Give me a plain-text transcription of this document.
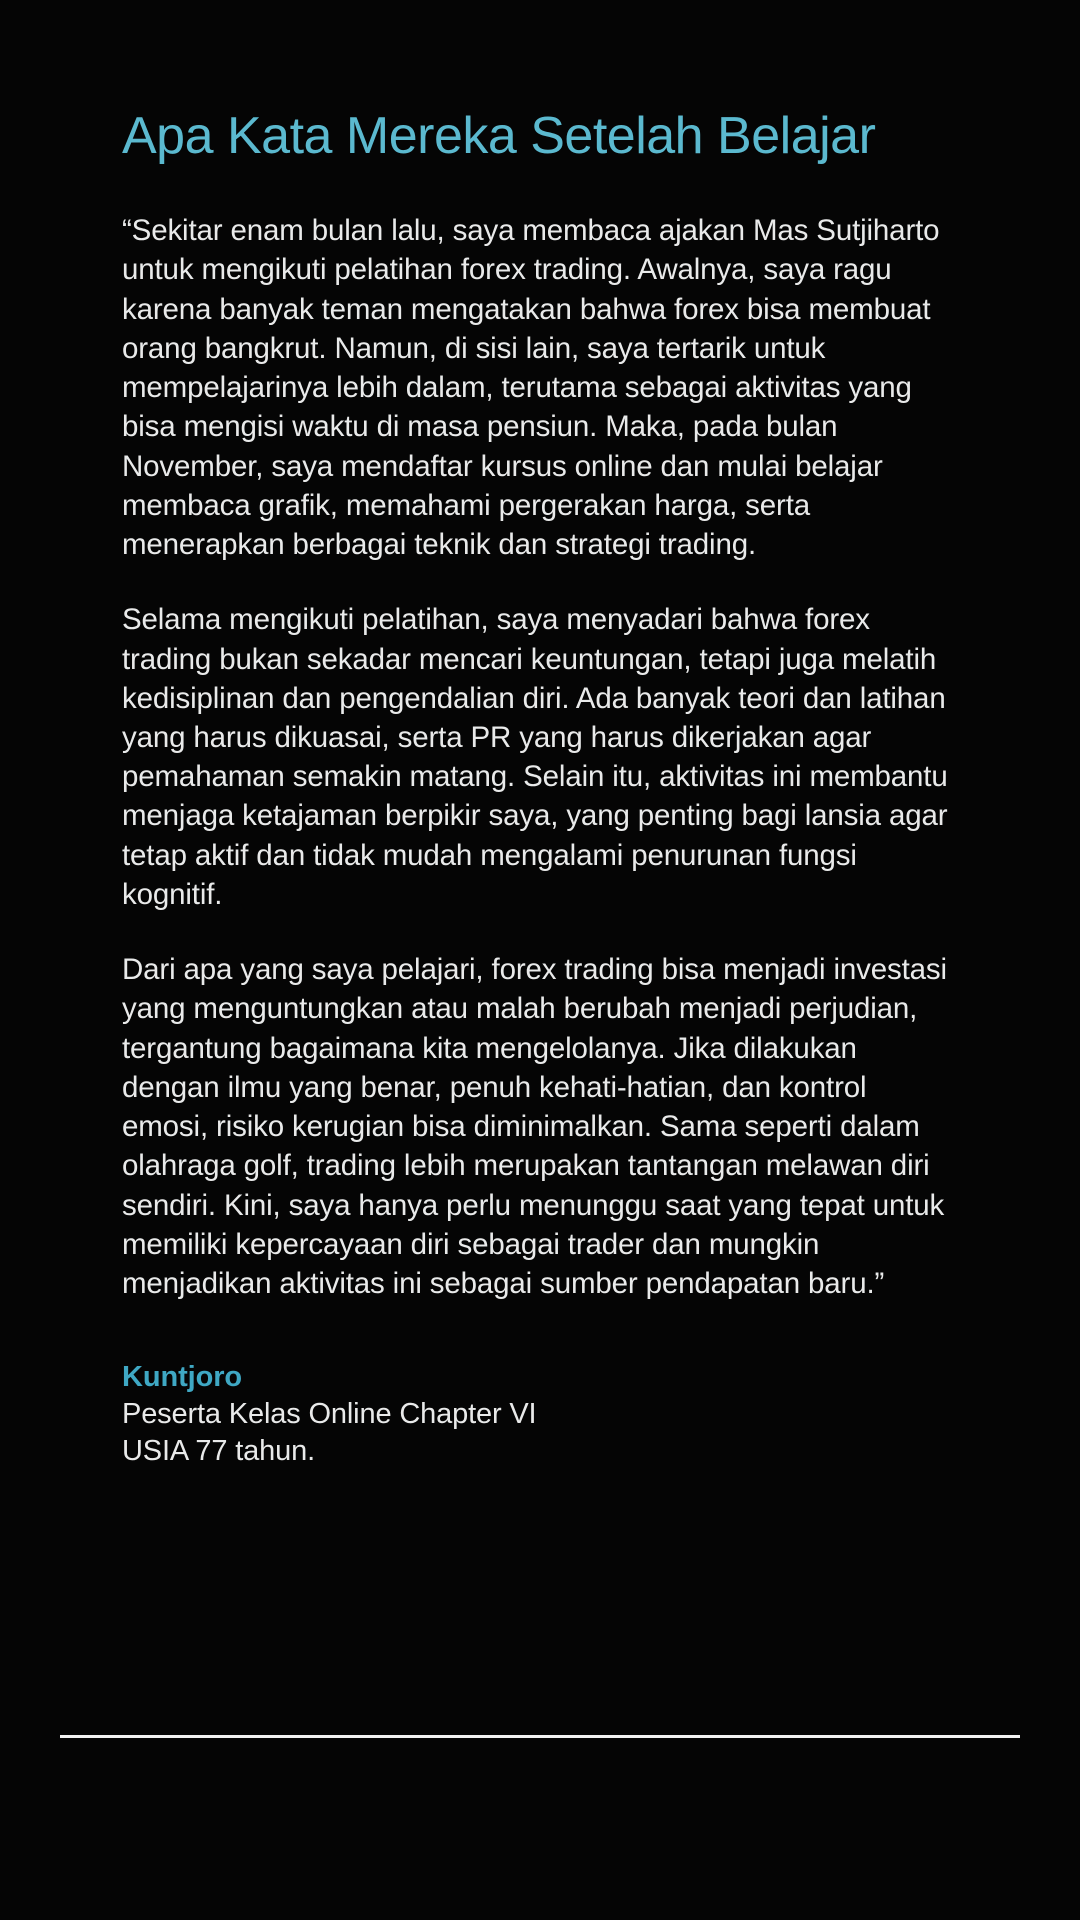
Apa Kata Mereka Setelah Belajar

“Sekitar enam bulan lalu, saya membaca ajakan Mas Sutjiharto untuk mengikuti pelatihan forex trading. Awalnya, saya ragu karena banyak teman mengatakan bahwa forex bisa membuat orang bangkrut. Namun, di sisi lain, saya tertarik untuk mempelajarinya lebih dalam, terutama sebagai aktivitas yang bisa mengisi waktu di masa pensiun. Maka, pada bulan November, saya mendaftar kursus online dan mulai belajar membaca grafik, memahami pergerakan harga, serta menerapkan berbagai teknik dan strategi trading.

Selama mengikuti pelatihan, saya menyadari bahwa forex trading bukan sekadar mencari keuntungan, tetapi juga melatih kedisiplinan dan pengendalian diri. Ada banyak teori dan latihan yang harus dikuasai, serta PR yang harus dikerjakan agar pemahaman semakin matang. Selain itu, aktivitas ini membantu menjaga ketajaman berpikir saya, yang penting bagi lansia agar tetap aktif dan tidak mudah mengalami penurunan fungsi kognitif.

Dari apa yang saya pelajari, forex trading bisa menjadi investasi yang menguntungkan atau malah berubah menjadi perjudian, tergantung bagaimana kita mengelolanya. Jika dilakukan dengan ilmu yang benar, penuh kehati-hatian, dan kontrol emosi, risiko kerugian bisa diminimalkan. Sama seperti dalam olahraga golf, trading lebih merupakan tantangan melawan diri sendiri. Kini, saya hanya perlu menunggu saat yang tepat untuk memiliki kepercayaan diri sebagai trader dan mungkin menjadikan aktivitas ini sebagai sumber pendapatan baru.”

Kuntjoro
Peserta Kelas Online Chapter VI
USIA 77 tahun.
